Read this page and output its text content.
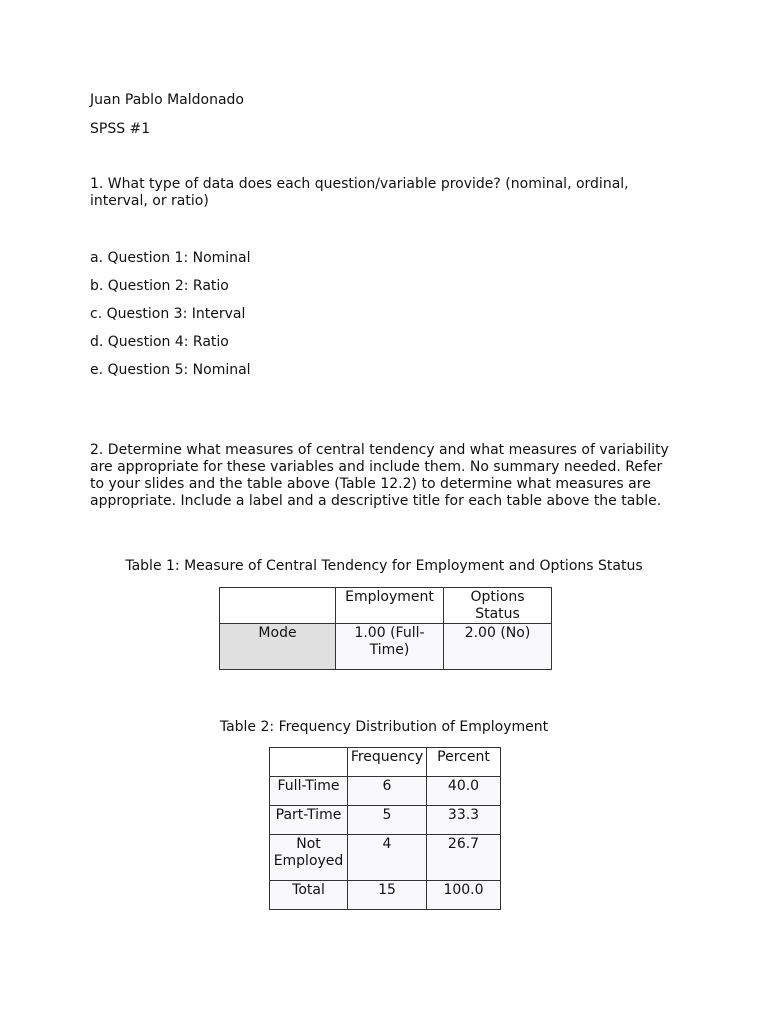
Juan Pablo Maldonado

SPSS #1

1. What type of data does each question/variable provide? (nominal, ordinal, interval, or ratio)

a. Question 1: Nominal

b. Question 2: Ratio

c. Question 3: Interval

d. Question 4: Ratio

e. Question 5: Nominal

2. Determine what measures of central tendency and what measures of variability are appropriate for these variables and include them. No summary needed. Refer to your slides and the table above (Table 12.2) to determine what measures are appropriate. Include a label and a descriptive title for each table above the table.

Table 1: Measure of Central Tendency for Employment and Options Status

	Employment	Options Status
Mode	1.00 (Full-Time)	2.00 (No)

Table 2: Frequency Distribution of Employment

	Frequency	Percent
Full-Time	6	40.0
Part-Time	5	33.3
Not Employed	4	26.7
Total	15	100.0
